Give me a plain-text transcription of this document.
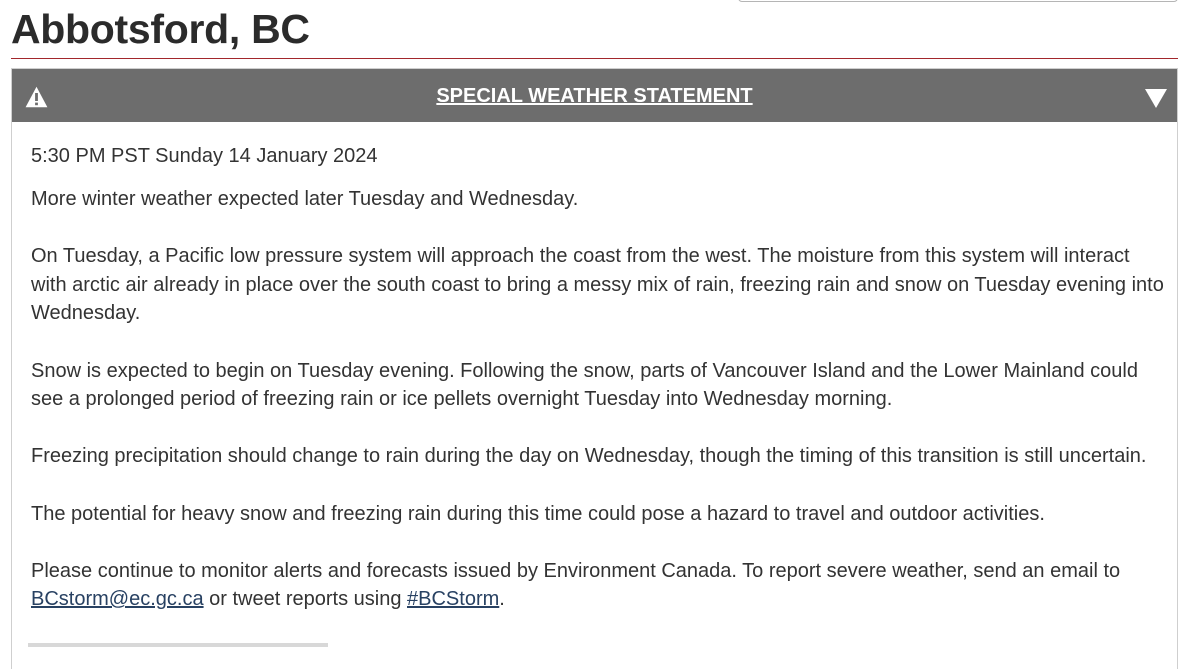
Abbotsford, BC
SPECIAL WEATHER STATEMENT

5:30 PM PST Sunday 14 January 2024

More winter weather expected later Tuesday and Wednesday.

On Tuesday, a Pacific low pressure system will approach the coast from the west. The moisture from this system will interact with arctic air already in place over the south coast to bring a messy mix of rain, freezing rain and snow on Tuesday evening into Wednesday.

Snow is expected to begin on Tuesday evening. Following the snow, parts of Vancouver Island and the Lower Mainland could see a prolonged period of freezing rain or ice pellets overnight Tuesday into Wednesday morning.

Freezing precipitation should change to rain during the day on Wednesday, though the timing of this transition is still uncertain.

The potential for heavy snow and freezing rain during this time could pose a hazard to travel and outdoor activities.

Please continue to monitor alerts and forecasts issued by Environment Canada. To report severe weather, send an email to BCstorm@ec.gc.ca or tweet reports using #BCStorm.
